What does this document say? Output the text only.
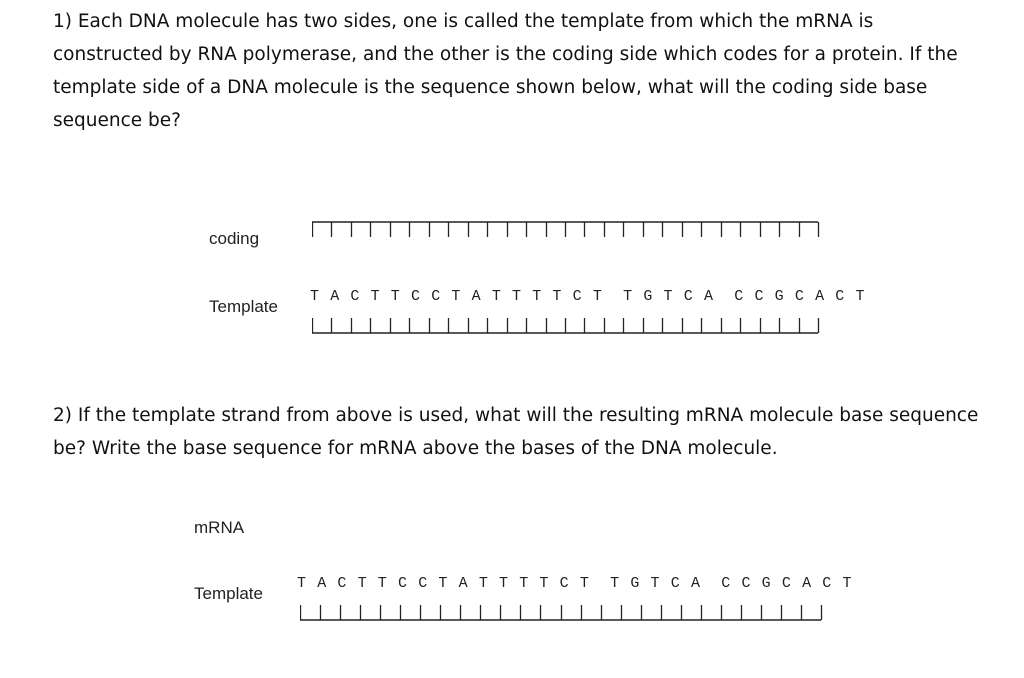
1) Each DNA molecule has two sides, one is called the template from which the mRNA is constructed by RNA polymerase, and the other is the coding side which codes for a protein. If the template side of a DNA molecule is the sequence shown below, what will the coding side base sequence be?
coding
Template
T A C T T C C T A T T T T C T  T G T C A  C C G C A C T
2) If the template strand from above is used, what will the resulting mRNA molecule base sequence be? Write the base sequence for mRNA above the bases of the DNA molecule.
mRNA
Template
T A C T T C C T A T T T T C T  T G T C A  C C G C A C T
